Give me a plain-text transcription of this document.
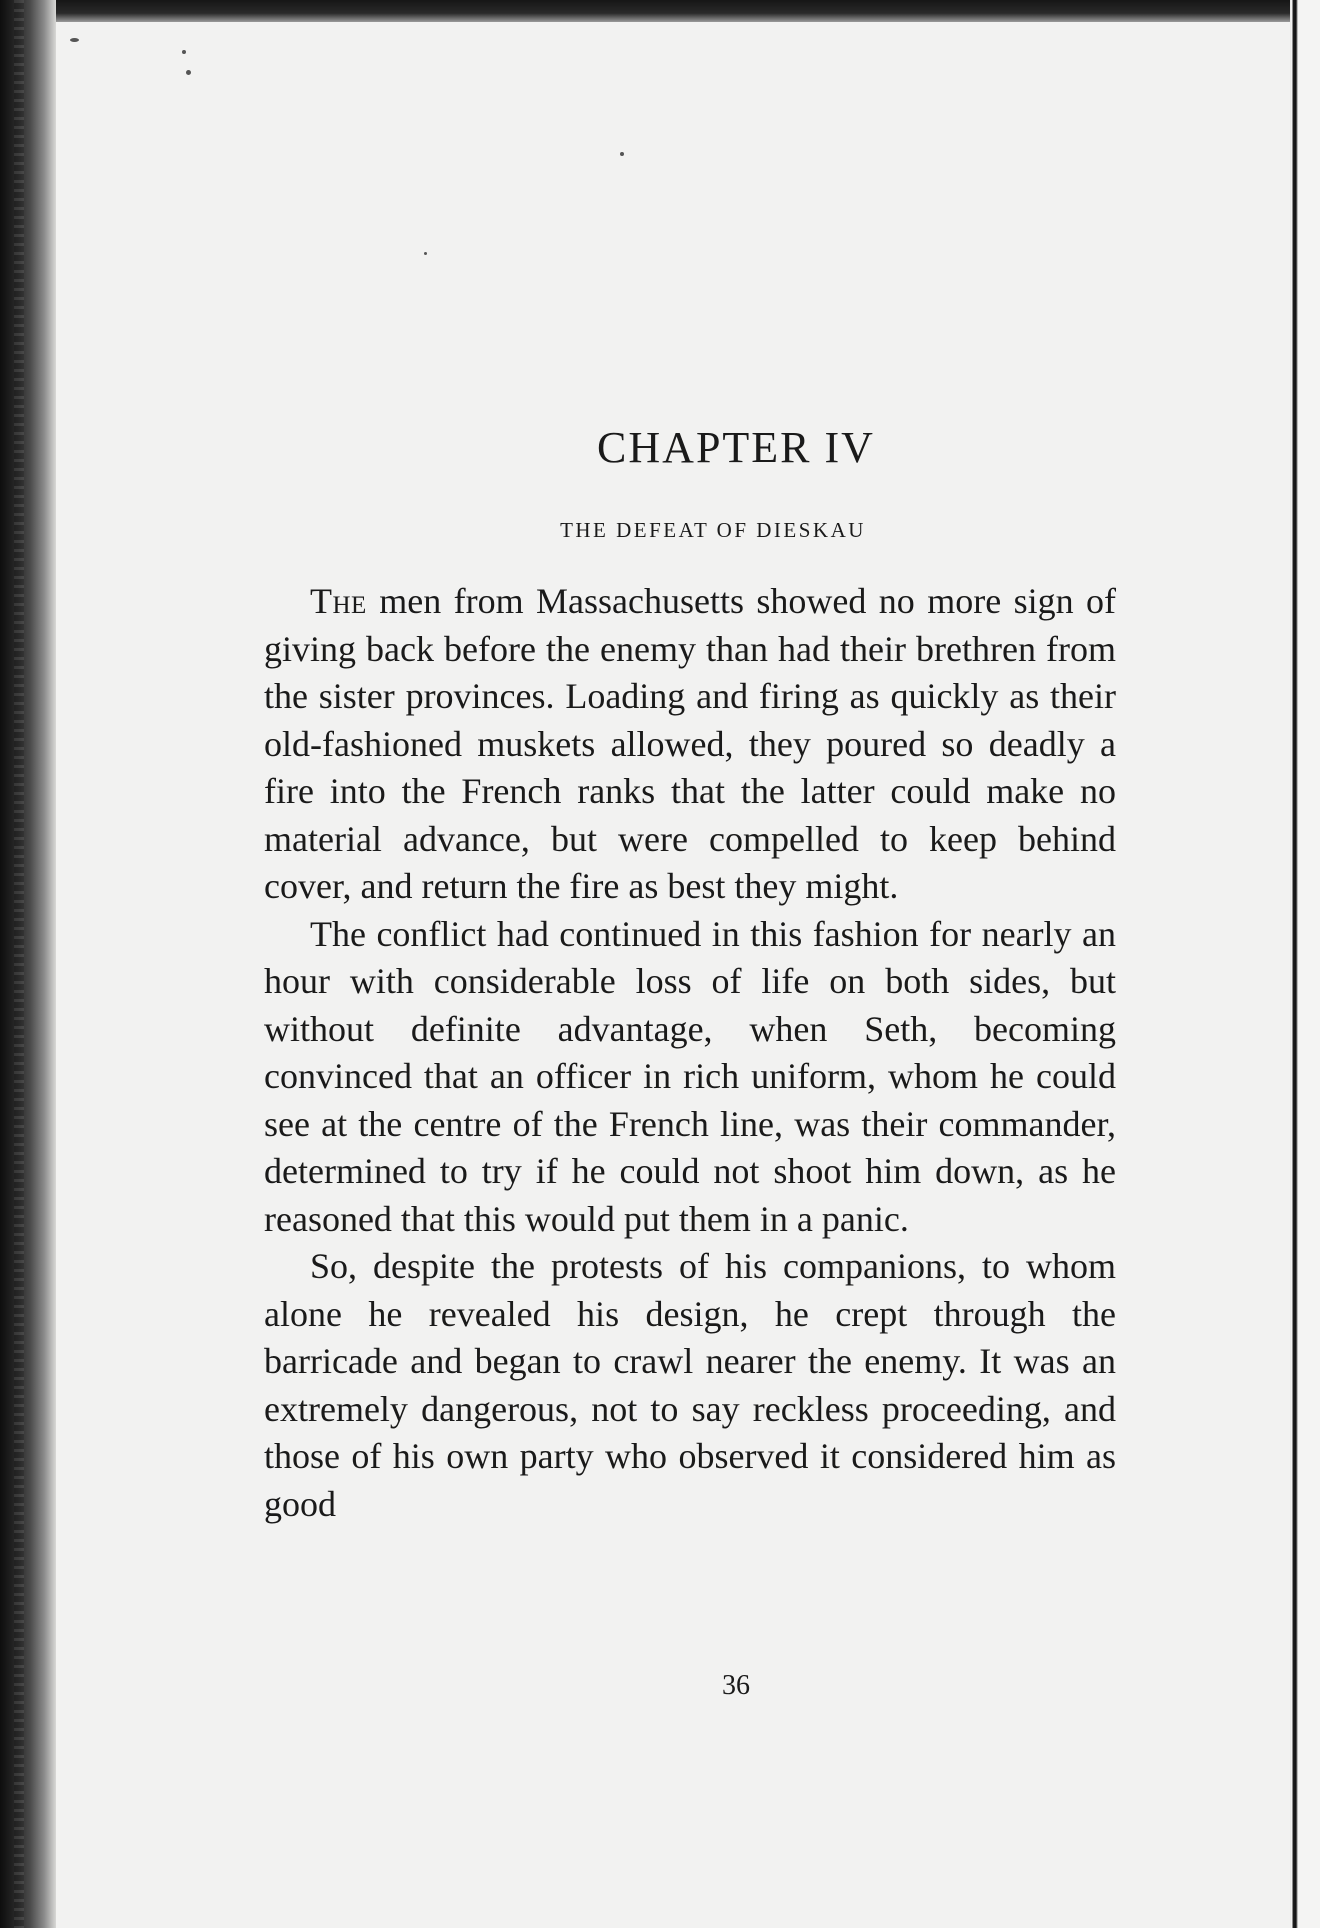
CHAPTER IV
THE DEFEAT OF DIESKAU

The men from Massachusetts showed no more sign of giving back before the enemy than had their brethren from the sister provinces. Loading and firing as quickly as their old-fashioned muskets allowed, they poured so deadly a fire into the French ranks that the latter could make no material advance, but were compelled to keep behind cover, and return the fire as best they might.

The conflict had continued in this fashion for nearly an hour with considerable loss of life on both sides, but without definite advantage, when Seth, becoming convinced that an officer in rich uniform, whom he could see at the centre of the French line, was their commander, determined to try if he could not shoot him down, as he reasoned that this would put them in a panic.

So, despite the protests of his companions, to whom alone he revealed his design, he crept through the barricade and began to crawl nearer the enemy. It was an extremely dangerous, not to say reckless proceeding, and those of his own party who observed it considered him as good

36
